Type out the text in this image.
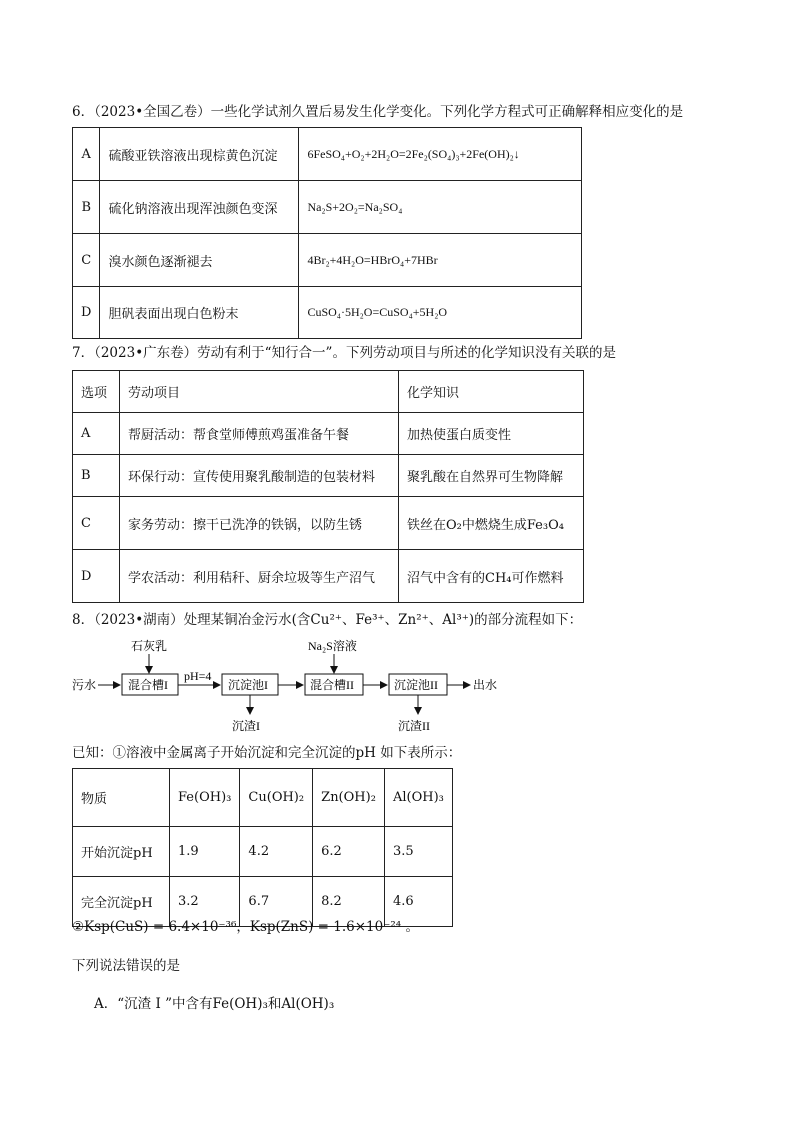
6．（2023•全国乙卷）一些化学试剂久置后易发生化学变化。下列化学方程式可正确解释相应变化的是
A	硫酸亚铁溶液出现棕黄色沉淀	6FeSO₄+O₂+2H₂O=2Fe₂(SO₄)₃+2Fe(OH)₂↓
B	硫化钠溶液出现浑浊颜色变深	Na₂S+2O₂=Na₂SO₄
C	溴水颜色逐渐褪去	4Br₂+4H₂O=HBrO₄+7HBr
D	胆矾表面出现白色粉末	CuSO₄·5H₂O=CuSO₄+5H₂O
7．（2023•广东卷）劳动有利于“知行合一”。下列劳动项目与所述的化学知识没有关联的是
选项	劳动项目	化学知识
A	帮厨活动：帮食堂师傅煎鸡蛋准备午餐	加热使蛋白质变性
B	环保行动：宣传使用聚乳酸制造的包装材料	聚乳酸在自然界可生物降解
C	家务劳动：擦干已洗净的铁锅，以防生锈	铁丝在O₂中燃烧生成Fe₃O₄
D	学农活动：利用秸秆、厨余垃圾等生产沼气	沼气中含有的CH₄可作燃料
8．（2023•湖南）处理某铜冶金污水(含Cu²⁺、Fe³⁺、Zn²⁺、Al³⁺)的部分流程如下：
污水
石灰乳
混合槽I
pH=4
沉淀池I
沉渣I
Na₂S溶液
混合槽II	沉淀池II
沉渣II
出水
已知：①溶液中金属离子开始沉淀和完全沉淀的pH 如下表所示：
物质	Fe(OH)₃	Cu(OH)₂	Zn(OH)₂	Al(OH)₃
开始沉淀pH	1.9	4.2	6.2	3.5
完全沉淀pH	3.2	6.7	8.2	4.6
②Ksp(CuS) = 6.4×10⁻³⁶，Ksp(ZnS) = 1.6×10⁻²⁴ 。
下列说法错误的是
A．“沉渣 I ”中含有Fe(OH)₃和Al(OH)₃
